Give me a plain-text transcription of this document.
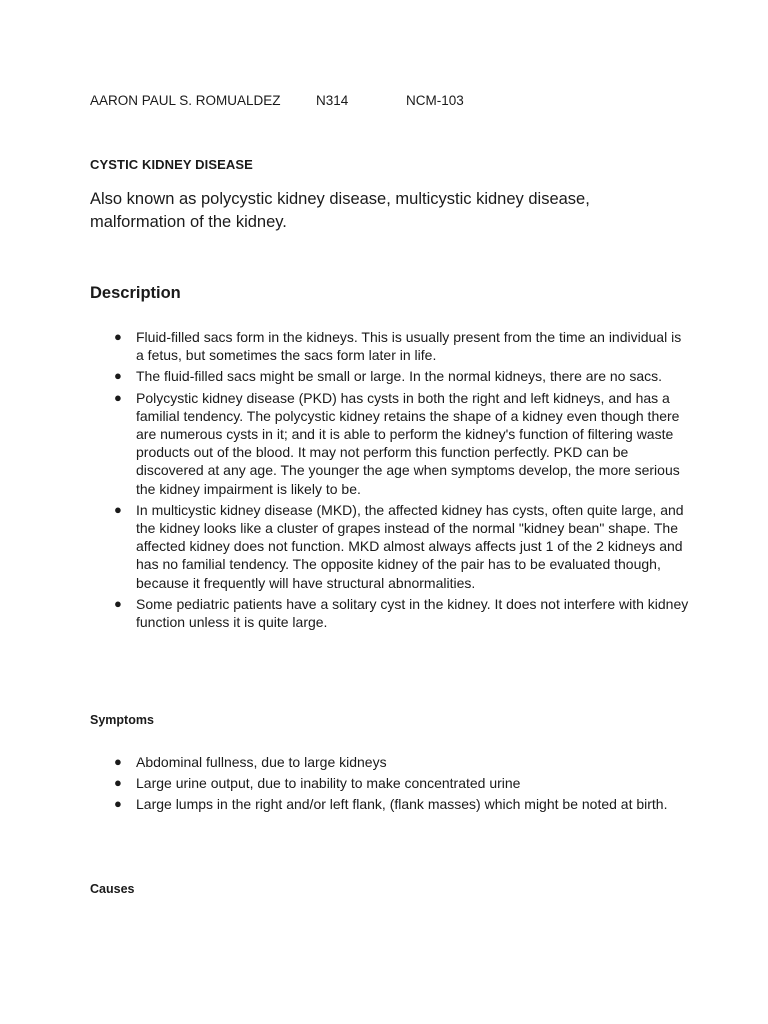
AARON PAUL S. ROMUALDEZ	N314	NCM-103
CYSTIC KIDNEY DISEASE
Also known as polycystic kidney disease, multicystic kidney disease, malformation of the kidney.
Description
● Fluid-filled sacs form in the kidneys. This is usually present from the time an individual is a fetus, but sometimes the sacs form later in life.
● The fluid-filled sacs might be small or large. In the normal kidneys, there are no sacs.
● Polycystic kidney disease (PKD) has cysts in both the right and left kidneys, and has a familial tendency. The polycystic kidney retains the shape of a kidney even though there are numerous cysts in it; and it is able to perform the kidney's function of filtering waste products out of the blood. It may not perform this function perfectly. PKD can be discovered at any age. The younger the age when symptoms develop, the more serious the kidney impairment is likely to be.
● In multicystic kidney disease (MKD), the affected kidney has cysts, often quite large, and the kidney looks like a cluster of grapes instead of the normal "kidney bean" shape. The affected kidney does not function. MKD almost always affects just 1 of the 2 kidneys and has no familial tendency. The opposite kidney of the pair has to be evaluated though, because it frequently will have structural abnormalities.
● Some pediatric patients have a solitary cyst in the kidney. It does not interfere with kidney function unless it is quite large.
Symptoms
● Abdominal fullness, due to large kidneys
● Large urine output, due to inability to make concentrated urine
● Large lumps in the right and/or left flank, (flank masses) which might be noted at birth.
Causes
